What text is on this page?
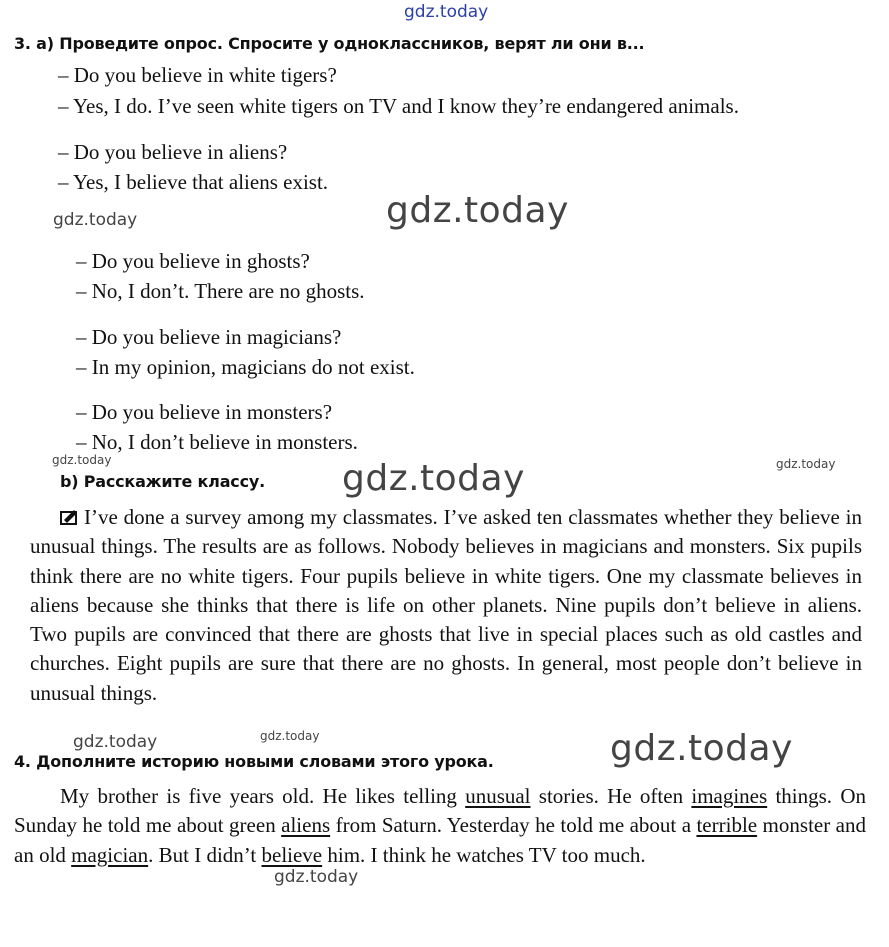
gdz.today
gdz.today
gdz.today
gdz.today
gdz.today
gdz.today
gdz.today
gdz.today	gdz.today
gdz.today
3. a) Проведите опрос. Спросите у одноклассников, верят ли они в...
– Do you believe in white tigers?
– Yes, I do. I’ve seen white tigers on TV and I know they’re endangered animals.
– Do you believe in aliens?
– Yes, I believe that aliens exist.
– Do you believe in ghosts?
– No, I don’t. There are no ghosts.
– Do you believe in magicians?
– In my opinion, magicians do not exist.
– Do you believe in monsters?
– No, I don’t believe in monsters.
b) Расскажите классу.
I’ve done a survey among my classmates. I’ve asked ten classmates whether they believe in unusual things. The results are as follows. Nobody believes in magicians and monsters. Six pupils think there are no white tigers. Four pupils believe in white tigers. One my classmate believes in aliens because she thinks that there is life on other planets. Nine pupils don’t believe in aliens. Two pupils are convinced that there are ghosts that live in special places such as old castles and churches. Eight pupils are sure that there are no ghosts. In general, most people don’t believe in unusual things.
4. Дополните историю новыми словами этого урока.
My brother is five years old. He likes telling unusual stories. He often imagines things. On Sunday he told me about green aliens from Saturn. Yesterday he told me about a terrible monster and an old magician. But I didn’t believe him. I think he watches TV too much.
